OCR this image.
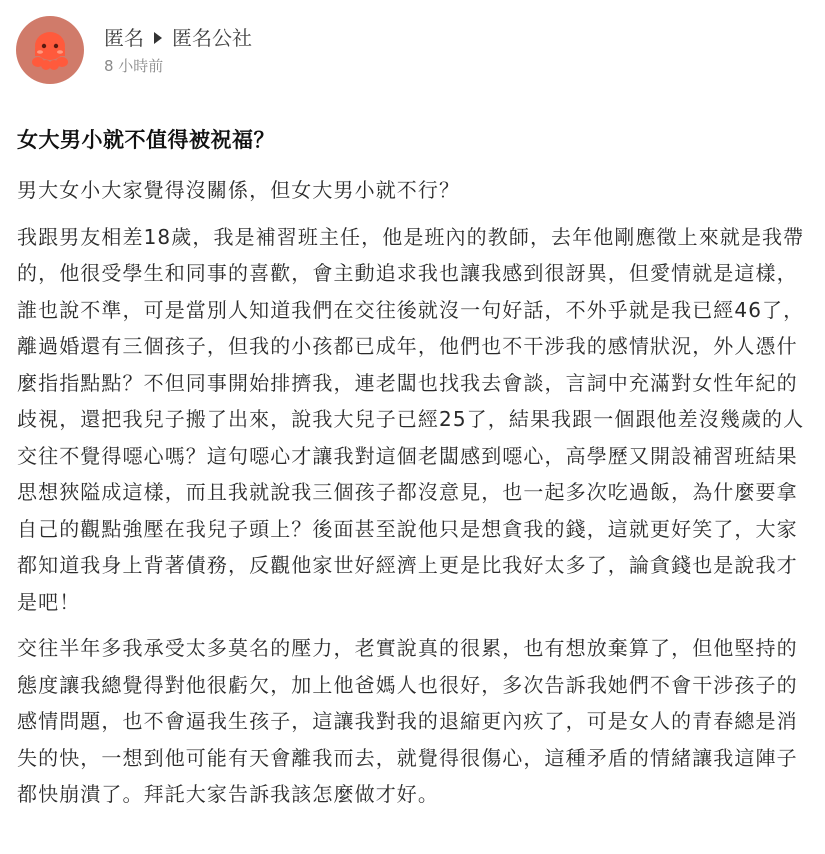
匿名 匿名公社
8 小時前
女大男小就不值得被祝福？

男大女小大家覺得沒關係，但女大男小就不行？

我跟男友相差18歲，我是補習班主任，他是班內的教師，去年他剛應徵上來就是我帶的，他很受學生和同事的喜歡，會主動追求我也讓我感到很訝異，但愛情就是這樣，誰也說不準，可是當別人知道我們在交往後就沒一句好話，不外乎就是我已經46了，離過婚還有三個孩子，但我的小孩都已成年，他們也不干涉我的感情狀況，外人憑什麼指指點點？不但同事開始排擠我，連老闆也找我去會談，言詞中充滿對女性年紀的歧視，還把我兒子搬了出來，說我大兒子已經25了，結果我跟一個跟他差沒幾歲的人交往不覺得噁心嗎？這句噁心才讓我對這個老闆感到噁心，高學歷又開設補習班結果思想狹隘成這樣，而且我就說我三個孩子都沒意見，也一起多次吃過飯，為什麼要拿自己的觀點強壓在我兒子頭上？後面甚至說他只是想貪我的錢，這就更好笑了，大家都知道我身上背著債務，反觀他家世好經濟上更是比我好太多了，論貪錢也是說我才是吧！

交往半年多我承受太多莫名的壓力，老實說真的很累，也有想放棄算了，但他堅持的態度讓我總覺得對他很虧欠，加上他爸媽人也很好，多次告訴我她們不會干涉孩子的感情問題，也不會逼我生孩子，這讓我對我的退縮更內疚了，可是女人的青春總是消失的快，一想到他可能有天會離我而去，就覺得很傷心，這種矛盾的情緒讓我這陣子都快崩潰了。拜託大家告訴我該怎麼做才好。
